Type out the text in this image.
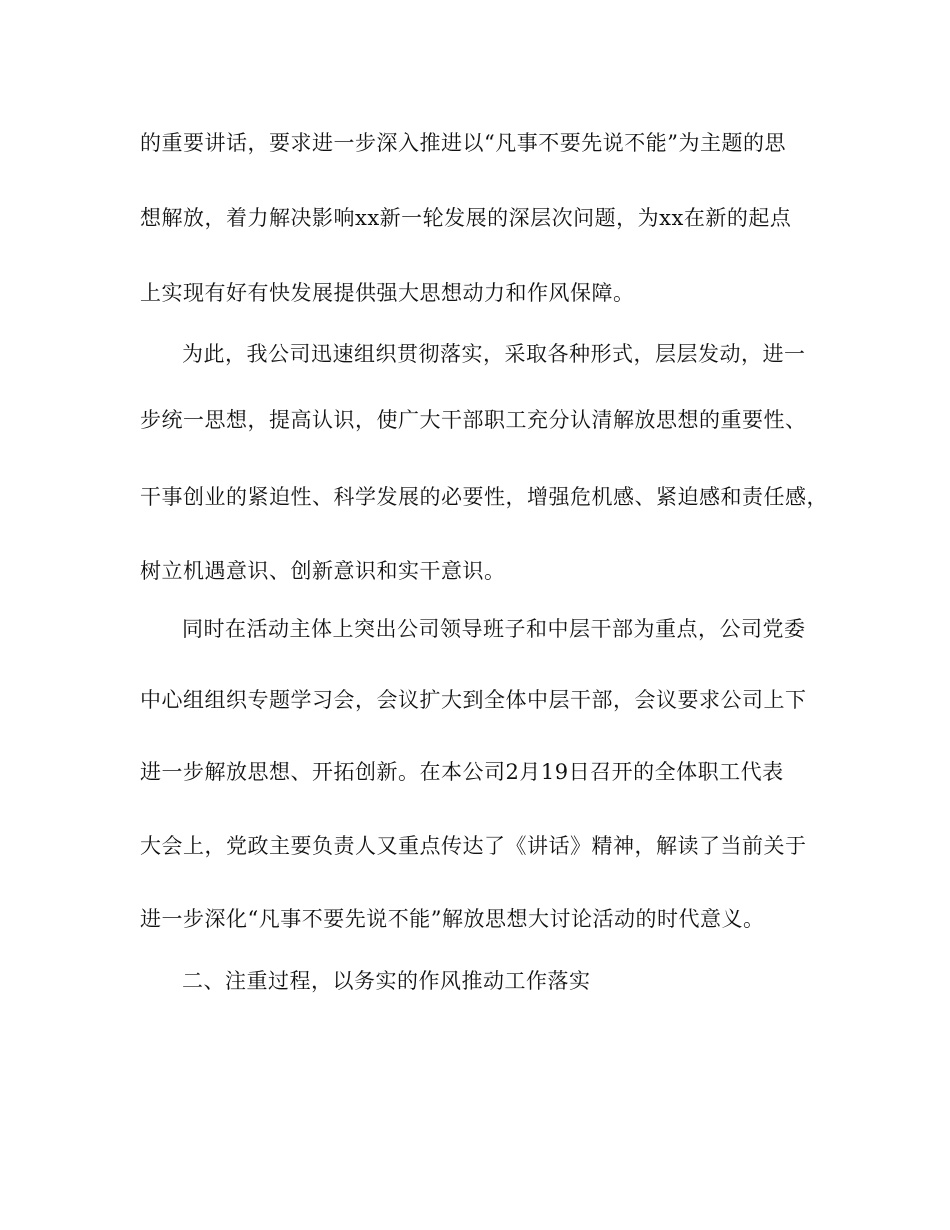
的重要讲话，要求进一步深入推进以“凡事不要先说不能”为主题的思
想解放，着力解决影响xx新一轮发展的深层次问题，为xx在新的起点
上实现有好有快发展提供强大思想动力和作风保障。
为此，我公司迅速组织贯彻落实，采取各种形式，层层发动，进一
步统一思想，提高认识，使广大干部职工充分认清解放思想的重要性、
干事创业的紧迫性、科学发展的必要性，增强危机感、紧迫感和责任感，
树立机遇意识、创新意识和实干意识。
同时在活动主体上突出公司领导班子和中层干部为重点，公司党委
中心组组织专题学习会，会议扩大到全体中层干部，会议要求公司上下
进一步解放思想、开拓创新。在本公司2月19日召开的全体职工代表
大会上，党政主要负责人又重点传达了《讲话》精神，解读了当前关于
进一步深化“凡事不要先说不能”解放思想大讨论活动的时代意义。
二、注重过程，以务实的作风推动工作落实
